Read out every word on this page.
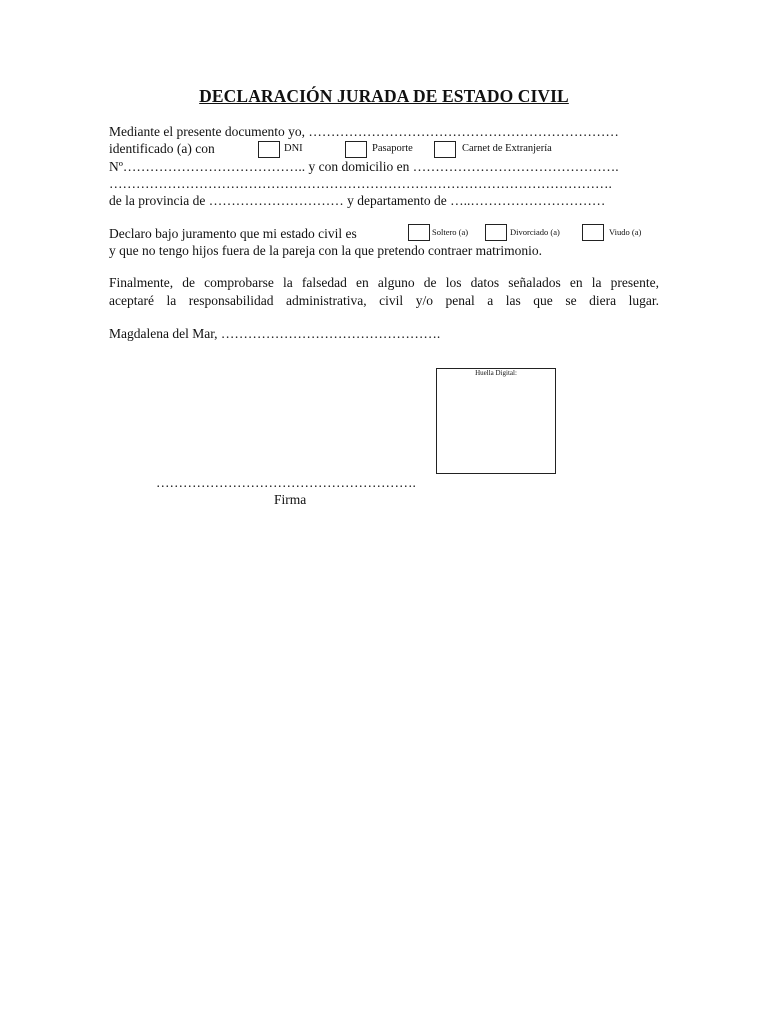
DECLARACIÓN JURADA DE ESTADO CIVIL
Mediante el presente documento yo, ……………………………………………………………
identificado (a) con	DNI	Pasaporte	Carnet de Extranjería
Nº………………………………….. y con domicilio en ……………………………………….
………………………………………………………………………………………………….
de la provincia de ………………………… y departamento de …..…………………………
Declaro bajo juramento que mi estado civil es	Soltero (a)	Divorciado (a)	Viudo (a)
y que no tengo hijos fuera de la pareja con la que pretendo contraer matrimonio.
Finalmente, de comprobarse la falsedad en alguno de los datos señalados en la presente,
aceptaré la responsabilidad administrativa, civil y/o penal a las que se diera lugar.
Magdalena del Mar, ………………………………………….
Huella Digital:
………………………………………………….
Firma
